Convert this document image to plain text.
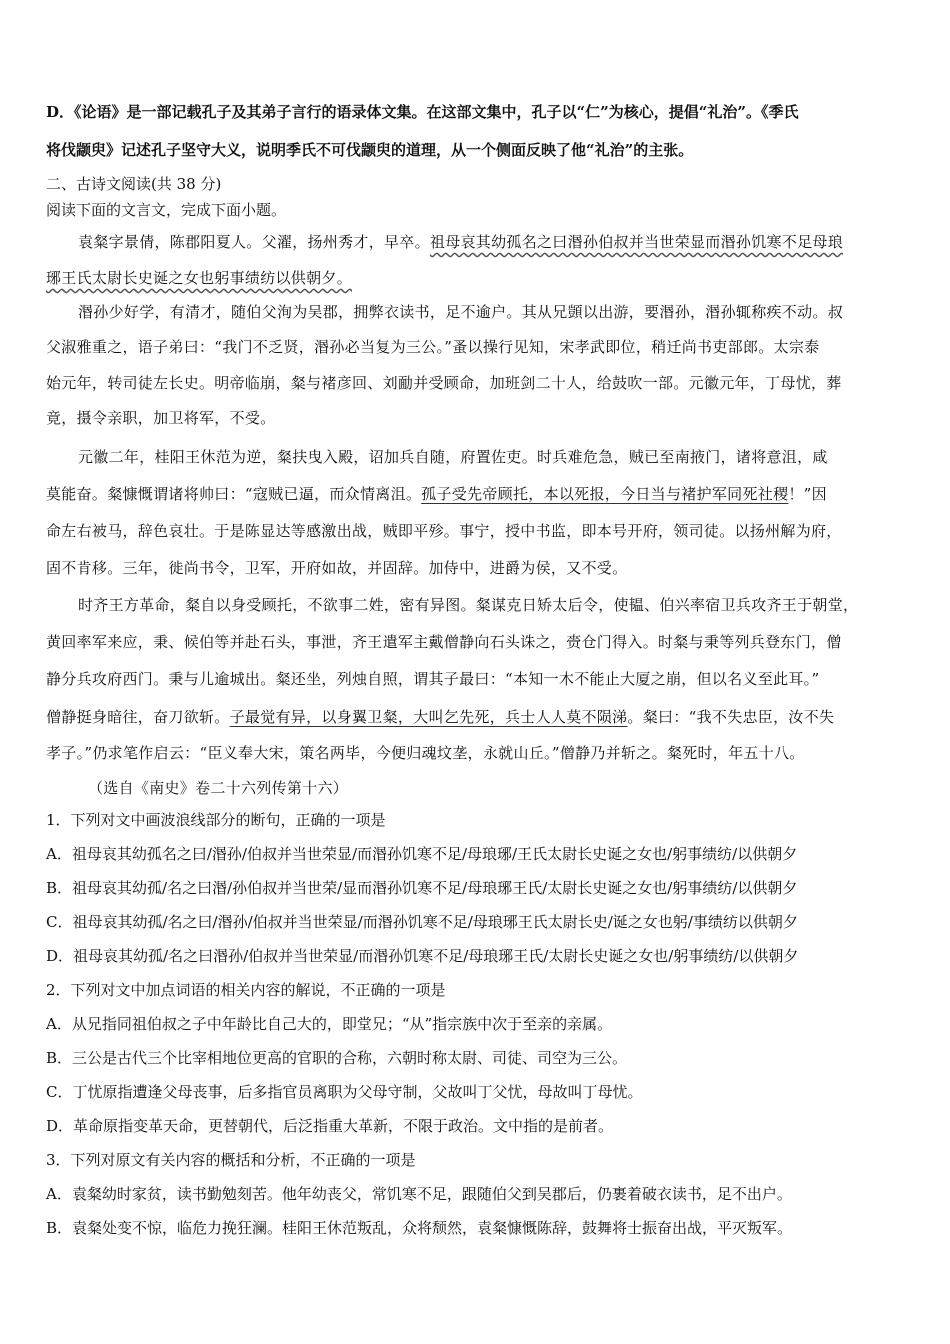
D．《论语》是一部记载孔子及其弟子言行的语录体文集。在这部文集中，孔子以“仁”为核心，提倡“礼治”。《季氏
将伐颛臾》记述孔子坚守大义，说明季氏不可伐颛臾的道理，从一个侧面反映了他“礼治”的主张。
二、古诗文阅读(共 38 分)
阅读下面的文言文，完成下面小题。
袁粲字景倩，陈郡阳夏人。父濯，扬州秀才，早卒。祖母哀其幼孤名之曰湣孙伯叔并当世荣显而湣孙饥寒不足母琅
琊王氏太尉长史诞之女也躬事绩纺以供朝夕。
湣孙少好学，有清才，随伯父洵为吴郡，拥弊衣读书，足不逾户。其从兄顗以出游，要湣孙，湣孙辄称疾不动。叔
父淑雅重之，语子弟曰：“我门不乏贤，湣孙必当复为三公。”蚤以操行见知，宋孝武即位，稍迁尚书吏部郎。太宗泰
始元年，转司徒左长史。明帝临崩，粲与褚彦回、刘勔并受顾命，加班剑二十人，给鼓吹一部。元徽元年，丁母忧，葬
竟，摄令亲职，加卫将军，不受。
元徽二年，桂阳王休范为逆，粲扶曳入殿，诏加兵自随，府置佐吏。时兵难危急，贼已至南掖门，诸将意沮，咸
莫能奋。粲慷慨谓诸将帅曰：“寇贼已逼，而众情离沮。孤子受先帝顾托，本以死报，今日当与褚护军同死社稷！”因
命左右被马，辞色哀壮。于是陈显达等感激出战，贼即平殄。事宁，授中书监，即本号开府，领司徒。以扬州解为府，
固不肯移。三年，徙尚书令，卫军，开府如故，并固辞。加侍中，进爵为侯，又不受。
时齐王方革命，粲自以身受顾托，不欲事二姓，密有异图。粲谋克日矫太后令，使韫、伯兴率宿卫兵攻齐王于朝堂，
黄回率军来应，秉、候伯等并赴石头，事泄，齐王遣军主戴僧静向石头诛之，赍仓门得入。时粲与秉等列兵登东门，僧
静分兵攻府西门。秉与儿逾城出。粲还坐，列烛自照，谓其子最曰：“本知一木不能止大厦之崩，但以名义至此耳。”
僧静挺身暗往，奋刀欲斩。子最觉有异，以身翼卫粲，大叫乞先死，兵士人人莫不陨涕。粲曰：“我不失忠臣，汝不失
孝子。”仍求笔作启云：“臣义奉大宋，策名两毕，今便归魂坟垄，永就山丘。”僧静乃并斩之。粲死时，年五十八。
（选自《南史》卷二十六列传第十六）
1．下列对文中画波浪线部分的断句，正确的一项是
A．祖母哀其幼孤名之曰/湣孙/伯叔并当世荣显/而湣孙饥寒不足/母琅琊/王氏太尉长史诞之女也/躬事绩纺/以供朝夕
B．祖母哀其幼孤/名之曰湣/孙伯叔并当世荣/显而湣孙饥寒不足/母琅琊王氏/太尉长史诞之女也/躬事绩纺/以供朝夕
C．祖母哀其幼孤/名之曰/湣孙/伯叔并当世荣显/而湣孙饥寒不足/母琅琊王氏太尉长史/诞之女也躬/事绩纺以供朝夕
D．祖母哀其幼孤/名之曰湣孙/伯叔并当世荣显/而湣孙饥寒不足/母琅琊王氏/太尉长史诞之女也/躬事绩纺/以供朝夕
2．下列对文中加点词语的相关内容的解说，不正确的一项是
A．从兄指同祖伯叔之子中年龄比自己大的，即堂兄；“从”指宗族中次于至亲的亲属。
B．三公是古代三个比宰相地位更高的官职的合称，六朝时称太尉、司徒、司空为三公。
C．丁忧原指遭逢父母丧事，后多指官员离职为父母守制，父故叫丁父忧，母故叫丁母忧。
D．革命原指变革天命，更替朝代，后泛指重大革新，不限于政治。文中指的是前者。
3．下列对原文有关内容的概括和分析，不正确的一项是
A．袁粲幼时家贫，读书勤勉刻苦。他年幼丧父，常饥寒不足，跟随伯父到吴郡后，仍裹着破衣读书，足不出户。
B．袁粲处变不惊，临危力挽狂澜。桂阳王休范叛乱，众将颓然，袁粲慷慨陈辞，鼓舞将士振奋出战，平灭叛军。
